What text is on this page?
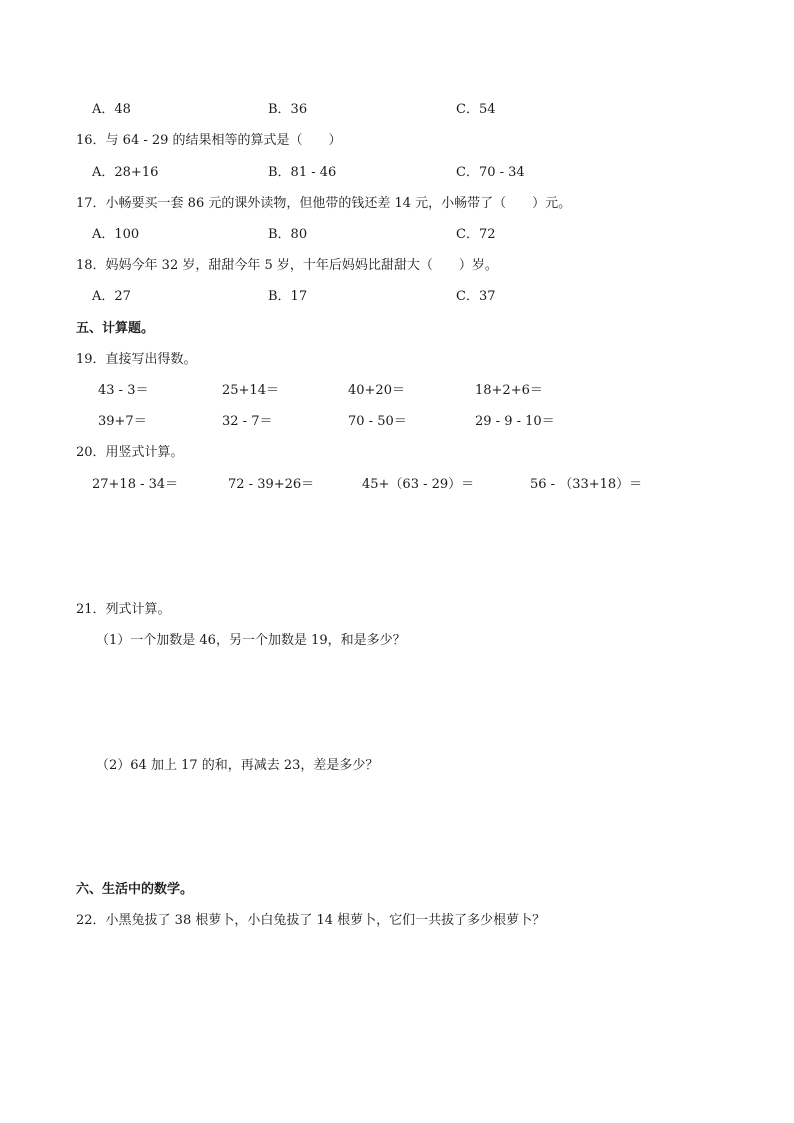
A．48	B．36	C．54
16．与 64 - 29 的结果相等的算式是（　　）
A．28+16	B．81 - 46	C．70 - 34
17．小畅要买一套 86 元的课外读物，但他带的钱还差 14 元，小畅带了（　　）元。
A．100	B．80	C．72
18．妈妈今年 32 岁，甜甜今年 5 岁，十年后妈妈比甜甜大（　　）岁。
A．27	B．17	C．37
五、计算题。
19．直接写出得数。
43 - 3＝	25+14＝	40+20＝	18+2+6＝
39+7＝	32 - 7＝	70 - 50＝	29 - 9 - 10＝
20．用竖式计算。
27+18 - 34＝	72 - 39+26＝	45+（63 - 29）＝	56 - （33+18）＝
21．列式计算。
（1）一个加数是 46，另一个加数是 19，和是多少？
（2）64 加上 17 的和，再减去 23，差是多少？
六、生活中的数学。
22．小黑兔拔了 38 根萝卜，小白兔拔了 14 根萝卜，它们一共拔了多少根萝卜？
